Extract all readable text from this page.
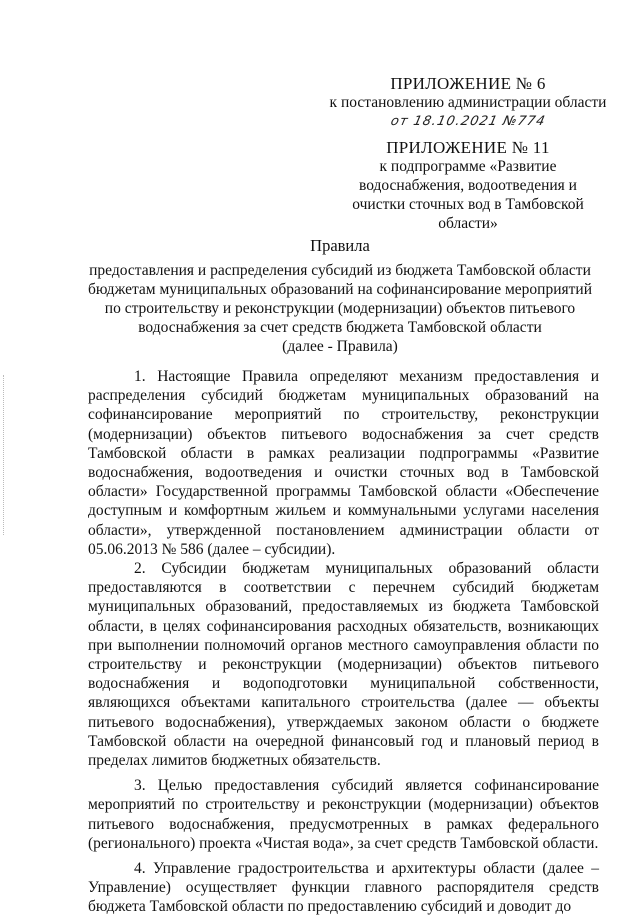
ПРИЛОЖЕНИЕ № 6
к постановлению администрации области
от 18.10.2021 №774
ПРИЛОЖЕНИЕ № 11
к подпрограмме «Развитие
водоснабжения, водоотведения и
очистки сточных вод в Тамбовской
области»
Правила
предоставления и распределения субсидий из бюджета Тамбовской области
бюджетам муниципальных образований на софинансирование мероприятий
по строительству и реконструкции (модернизации) объектов питьевого
водоснабжения за счет средств бюджета Тамбовской области
(далее - Правила)

1. Настоящие Правила определяют механизм предоставления и распределения субсидий бюджетам муниципальных образований на софинансирование мероприятий по строительству, реконструкции (модернизации) объектов питьевого водоснабжения за счет средств Тамбовской области в рамках реализации подпрограммы «Развитие водоснабжения, водоотведения и очистки сточных вод в Тамбовской области» Государственной программы Тамбовской области «Обеспечение доступным и комфортным жильем и коммунальными услугами населения области», утвержденной постановлением администрации области от 05.06.2013 № 586 (далее – субсидии).

2. Субсидии бюджетам муниципальных образований области предоставляются в соответствии с перечнем субсидий бюджетам муниципальных образований, предоставляемых из бюджета Тамбовской области, в целях софинансирования расходных обязательств, возникающих при выполнении полномочий органов местного самоуправления области по строительству и реконструкции (модернизации) объектов питьевого водоснабжения и водоподготовки муниципальной собственности, являющихся объектами капитального строительства (далее — объекты питьевого водоснабжения), утверждаемых законом области о бюджете Тамбовской области на очередной финансовый год и плановый период в пределах лимитов бюджетных обязательств.

3. Целью предоставления субсидий является софинансирование мероприятий по строительству и реконструкции (модернизации) объектов питьевого водоснабжения, предусмотренных в рамках федерального (регионального) проекта «Чистая вода», за счет средств Тамбовской области.

4. Управление градостроительства и архитектуры области (далее – Управление) осуществляет функции главного распорядителя средств бюджета Тамбовской области по предоставлению субсидий и доводит до
